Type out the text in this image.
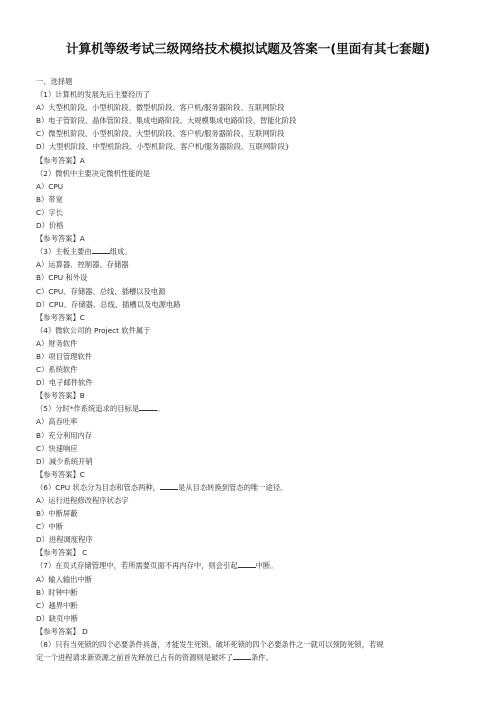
计算机等级考试三级网络技术模拟试题及答案一(里面有其七套题)
一、选择题
（1）计算机的发展先后主要经历了
A）大型机阶段、小型机阶段、微型机阶段、客户机/服务器阶段、互联网阶段
B）电子管阶段、晶体管阶段、集成电路阶段、大规模集成电路阶段、智能化阶段
C）微型机阶段、小型机阶段、大型机阶段、客户机/服务器阶段、互联网阶段
D）大型机阶段、中型机阶段、小型机阶段、客户机/服务器阶段、互联网阶段}
【参考答案】A
（2）微机中主要决定微机性能的是
A）CPU
B）带宽
C）字长
D）价格
【参考答案】A
（3）主板主要由 组成。
A）运算器、控制器、存储器
B）CPU 和外设
C）CPU、存储器、总线、插槽以及电源
D）CPU、存储器、总线、插槽以及电源电路
【参考答案】C
（4）微软公司的 Project 软件属于
A）财务软件
B）项目管理软件
C）系统软件
D）电子邮件软件
【参考答案】B
（5）分时*作系统追求的目标是 。
A）高吞吐率
B）充分利用内存
C）快速响应
D）减少系统开销
【参考答案】C
（6）CPU 状态分为目态和管态两种， 是从目态转换到管态的唯一途径。
A）运行进程修改程序状态字
B）中断屏蔽
C）中断
D）进程调度程序
【参考答案】 C
（7）在页式存储管理中，若所需要页面不再内存中，则会引起 中断。
A）输入输出中断
B）时钟中断
C）越界中断
D）缺页中断
【参考答案】 D
（8）只有当死锁的四个必要条件具备，才能发生死锁。破坏死锁的四个必要条件之一就可以预防死锁，若规
定一个进程请求新资源之前首先释放已占有的资源则是破坏了 条件。
